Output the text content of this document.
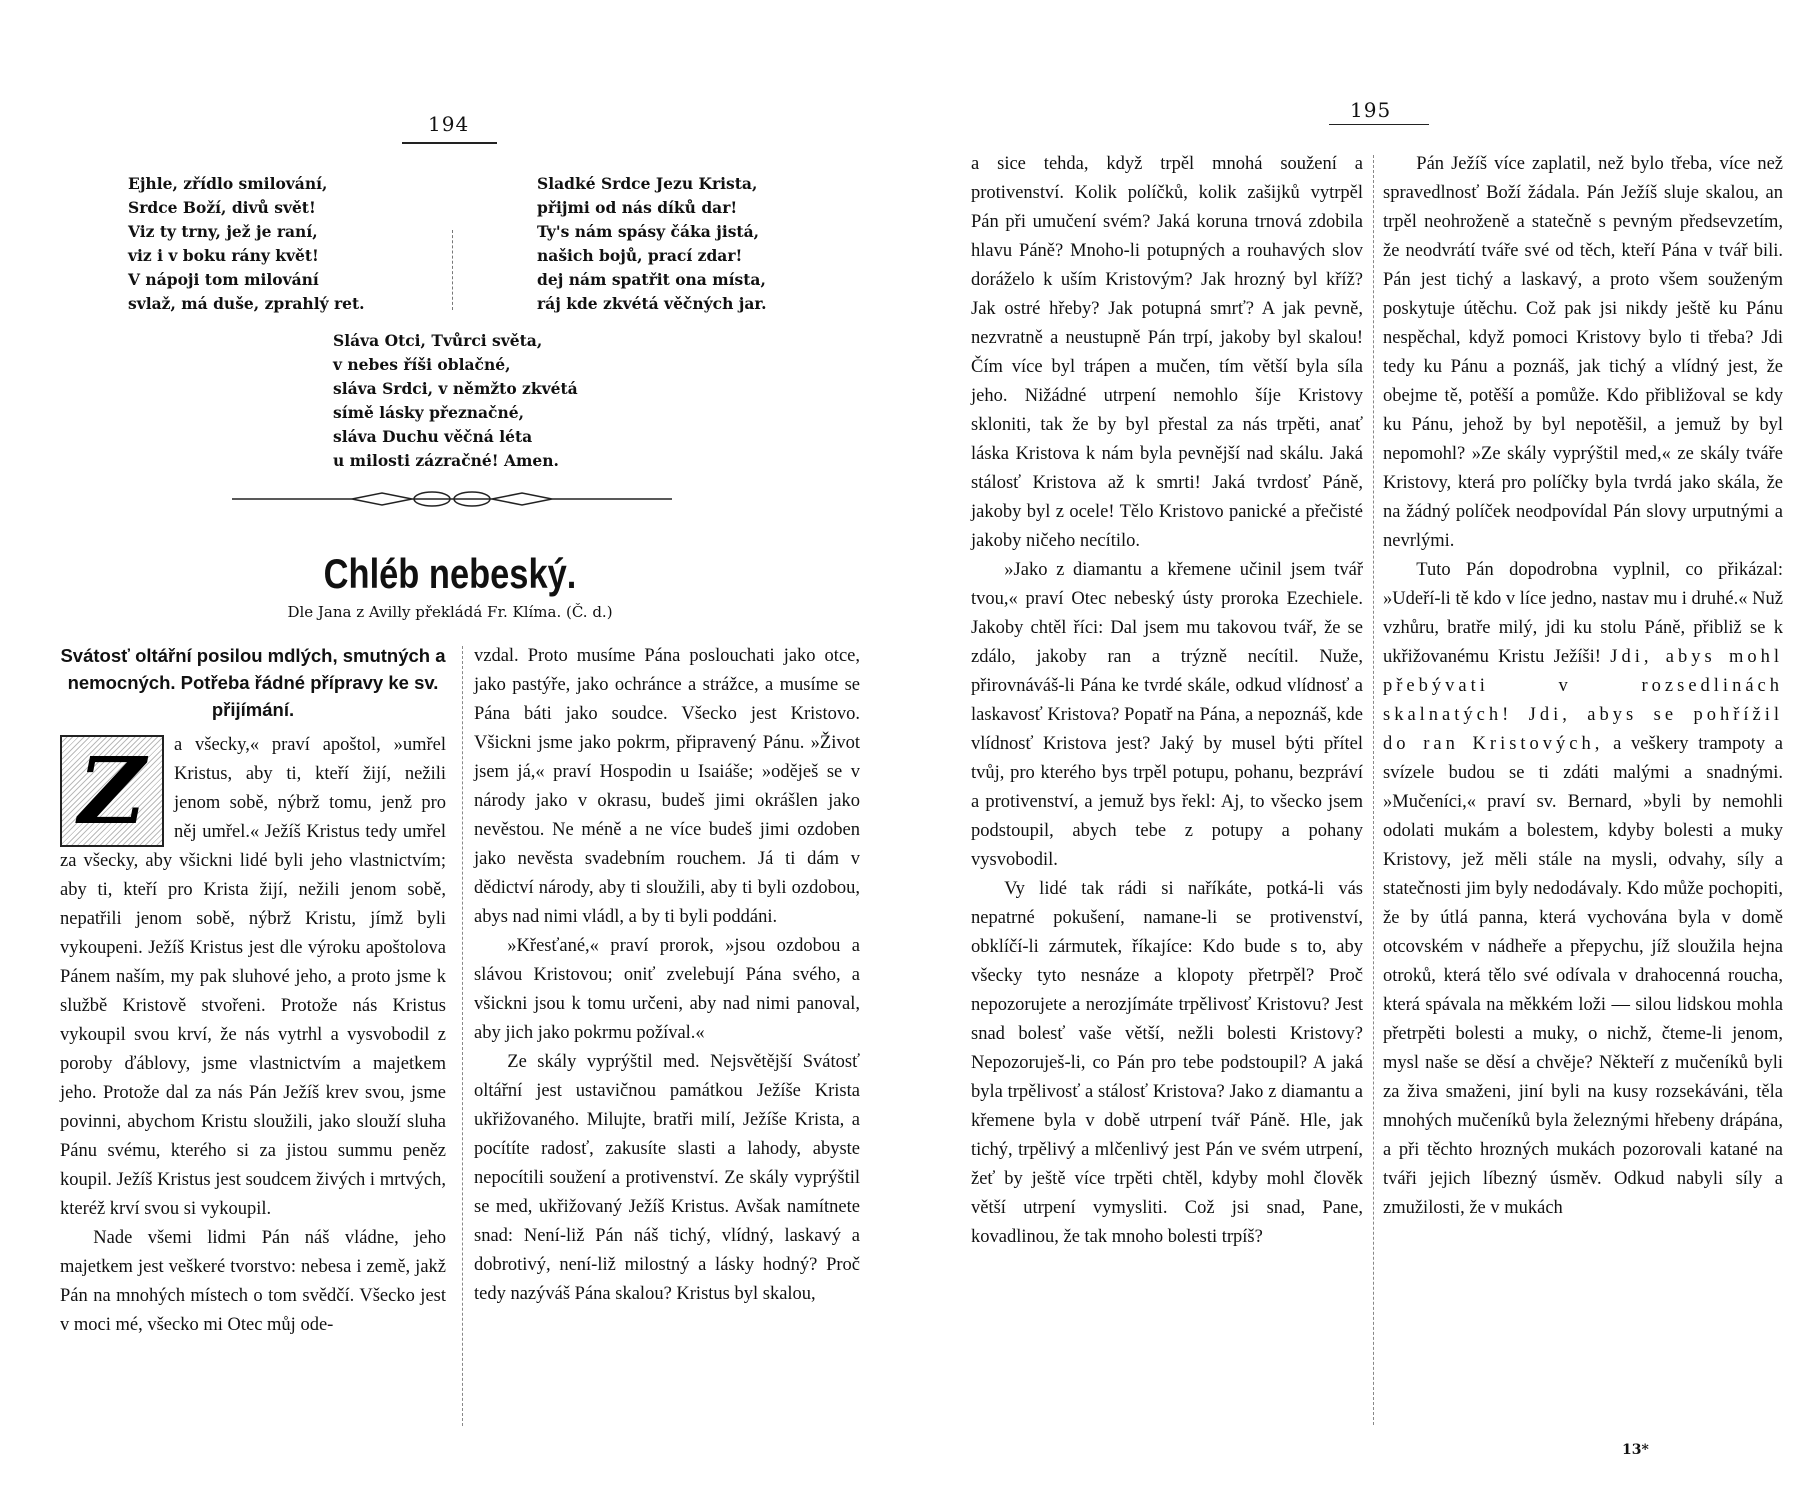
194
Ejhle, zřídlo smilování,
Srdce Boží, divů svět!
Viz ty trny, jež je raní,
viz i v boku rány květ!
V nápoji tom milování
svlaž, má duše, zprahlý ret.
Sladké Srdce Jezu Krista,
přijmi od nás díků dar!
Ty's nám spásy čáka jistá,
našich bojů, prací zdar!
dej nám spatřit ona místa,
ráj kde zkvétá věčných jar.
Sláva Otci, Tvůrci světa,
v nebes říši oblačné,
sláva Srdci, v němžto zkvétá
símě lásky přeznačné,
sláva Duchu věčná léta
u milosti zázračné! Amen.
Chléb nebeský.
Dle Jana z Avilly překládá Fr. Klíma. (Č. d.)
Svátosť oltářní posilou mdlých, smutných a nemocných. Potřeba řádné přípravy ke sv. přijímání.
Z	a všecky,« praví apoštol, »umřel Kristus, aby ti, kteří žijí, nežili jenom sobě, nýbrž tomu, jenž pro něj umřel.« Ježíš Kristus tedy umřel za všecky, aby všickni lidé byli jeho vlastnictvím; aby ti, kteří pro Krista žijí, nežili jenom sobě, nepatřili jenom sobě, nýbrž Kristu, jímž byli vykoupeni. Ježíš Kristus jest dle výroku apoštolova Pánem naším, my pak sluhové jeho, a proto jsme k službě Kristově stvořeni. Protože nás Kristus vykoupil svou krví, že nás vytrhl a vysvobodil z poroby ďáblovy, jsme vlastnictvím a majetkem jeho. Protože dal za nás Pán Ježíš krev svou, jsme povinni, abychom Kristu sloužili, jako slouží sluha Pánu svému, kterého si za jistou summu peněz koupil. Ježíš Kristus jest soudcem živých i mrtvých, kteréž krví svou si vykoupil.

Nade všemi lidmi Pán náš vládne, jeho majetkem jest veškeré tvorstvo: nebesa i země, jakž Pán na mnohých místech o tom svědčí. Všecko jest v moci mé, všecko mi Otec můj ode-

vzdal. Proto musíme Pána poslouchati jako otce, jako pastýře, jako ochránce a strážce, a musíme se Pána báti jako soudce. Všecko jest Kristovo. Všickni jsme jako pokrm, připravený Pánu. »Život jsem já,« praví Hospodin u Isaiáše; »oděješ se v národy jako v okrasu, budeš jimi okrášlen jako nevěstou. Ne méně a ne více budeš jimi ozdoben jako nevěsta svadebním rouchem. Já ti dám v dědictví národy, aby ti sloužili, aby ti byli ozdobou, abys nad nimi vládl, a by ti byli poddáni.

»Křesťané,« praví prorok, »jsou ozdobou a slávou Kristovou; oniť zvelebují Pána svého, a všickni jsou k tomu určeni, aby nad nimi panoval, aby jich jako pokrmu požíval.«

Ze skály vyprýštil med. Nejsvětější Svátosť oltářní jest ustavičnou památkou Ježíše Krista ukřižovaného. Milujte, bratři milí, Ježíše Krista, a pocítíte radosť, zakusíte slasti a lahody, abyste nepocítili soužení a protivenství. Ze skály vyprýštil se med, ukřižovaný Ježíš Kristus. Avšak namítnete snad: Není-liž Pán náš tichý, vlídný, laskavý a dobrotivý, není-liž milostný a lásky hodný? Proč tedy nazýváš Pána skalou? Kristus byl skalou,

195

a sice tehda, když trpěl mnohá soužení a protivenství. Kolik políčků, kolik zašijků vytrpěl Pán při umučení svém? Jaká koruna trnová zdobila hlavu Páně? Mnoho-li potupných a rouhavých slov doráželo k uším Kristovým? Jak hrozný byl kříž? Jak ostré hřeby? Jak potupná smrť? A jak pevně, nezvratně a neustupně Pán trpí, jakoby byl skalou! Čím více byl trápen a mučen, tím větší byla síla jeho. Nižádné utrpení nemohlo šíje Kristovy skloniti, tak že by byl přestal za nás trpěti, anať láska Kristova k nám byla pevnější nad skálu. Jaká stálosť Kristova až k smrti! Jaká tvrdosť Páně, jakoby byl z ocele! Tělo Kristovo panické a přečisté jakoby ničeho necítilo.

»Jako z diamantu a křemene učinil jsem tvář tvou,« praví Otec nebeský ústy proroka Ezechiele. Jakoby chtěl říci: Dal jsem mu takovou tvář, že se zdálo, jakoby ran a trýzně necítil. Nuže, přirovnáváš-li Pána ke tvrdé skále, odkud vlídnosť a laskavosť Kristova? Popatř na Pána, a nepoznáš, kde vlídnosť Kristova jest? Jaký by musel býti přítel tvůj, pro kterého bys trpěl potupu, pohanu, bezpráví a protivenství, a jemuž bys řekl: Aj, to všecko jsem podstoupil, abych tebe z potupy a pohany vysvobodil.

Vy lidé tak rádi si naříkáte, potká-li vás nepatrné pokušení, namane-li se protivenství, obklíčí-li zármutek, říkajíce: Kdo bude s to, aby všecky tyto nesnáze a klopoty přetrpěl? Proč nepozorujete a nerozjímáte trpělivosť Kristovu? Jest snad bolesť vaše větší, nežli bolesti Kristovy? Nepozoruješ-li, co Pán pro tebe podstoupil? A jaká byla trpělivosť a stálosť Kristova? Jako z diamantu a křemene byla v době utrpení tvář Páně. Hle, jak tichý, trpělivý a mlčenlivý jest Pán ve svém utrpení, žeť by ještě více trpěti chtěl, kdyby mohl člověk větší utrpení vymysliti. Což jsi snad, Pane, kovadlinou, že tak mnoho bolesti trpíš?

Pán Ježíš více zaplatil, než bylo třeba, více než spravedlnosť Boží žádala. Pán Ježíš sluje skalou, an trpěl neohroženě a statečně s pevným předsevzetím, že neodvrátí tváře své od těch, kteří Pána v tvář bili. Pán jest tichý a laskavý, a proto všem souženým poskytuje útěchu. Což pak jsi nikdy ještě ku Pánu nespěchal, když pomoci Kristovy bylo ti třeba? Jdi tedy ku Pánu a poznáš, jak tichý a vlídný jest, že obejme tě, potěší a pomůže. Kdo přibližoval se kdy ku Pánu, jehož by byl nepotěšil, a jemuž by byl nepomohl? »Ze skály vyprýštil med,« ze skály tváře Kristovy, která pro políčky byla tvrdá jako skála, že na žádný políček neodpovídal Pán slovy urputnými a nevrlými.

Tuto Pán dopodrobna vyplnil, co přikázal: »Udeří-li tě kdo v líce jedno, nastav mu i druhé.« Nuž vzhůru, bratře milý, jdi ku stolu Páně, přibliž se k ukřižovanému Kristu Ježíši! Jdi, abys mohl přebývati v rozsedlinách skalnatých! Jdi, abys se pohřížil do ran Kristových, a veškery trampoty a svízele budou se ti zdáti malými a snadnými. »Mučeníci,« praví sv. Bernard, »byli by nemohli odolati mukám a bolestem, kdyby bolesti a muky Kristovy, jež měli stále na mysli, odvahy, síly a statečnosti jim byly nedodávaly. Kdo může pochopiti, že by útlá panna, která vychována byla v domě otcovském v nádheře a přepychu, jíž sloužila hejna otroků, která tělo své odívala v drahocenná roucha, která spávala na měkkém loži — silou lidskou mohla přetrpěti bolesti a muky, o nichž, čteme-li jenom, mysl naše se děsí a chvěje? Někteří z mučeníků byli za živa smaženi, jiní byli na kusy rozsekáváni, těla mnohých mučeníků byla železnými hřebeny drápána, a při těchto hrozných mukách pozorovali katané na tváři jejich líbezný úsměv. Odkud nabyli síly a zmužilosti, že v mukách

13*
